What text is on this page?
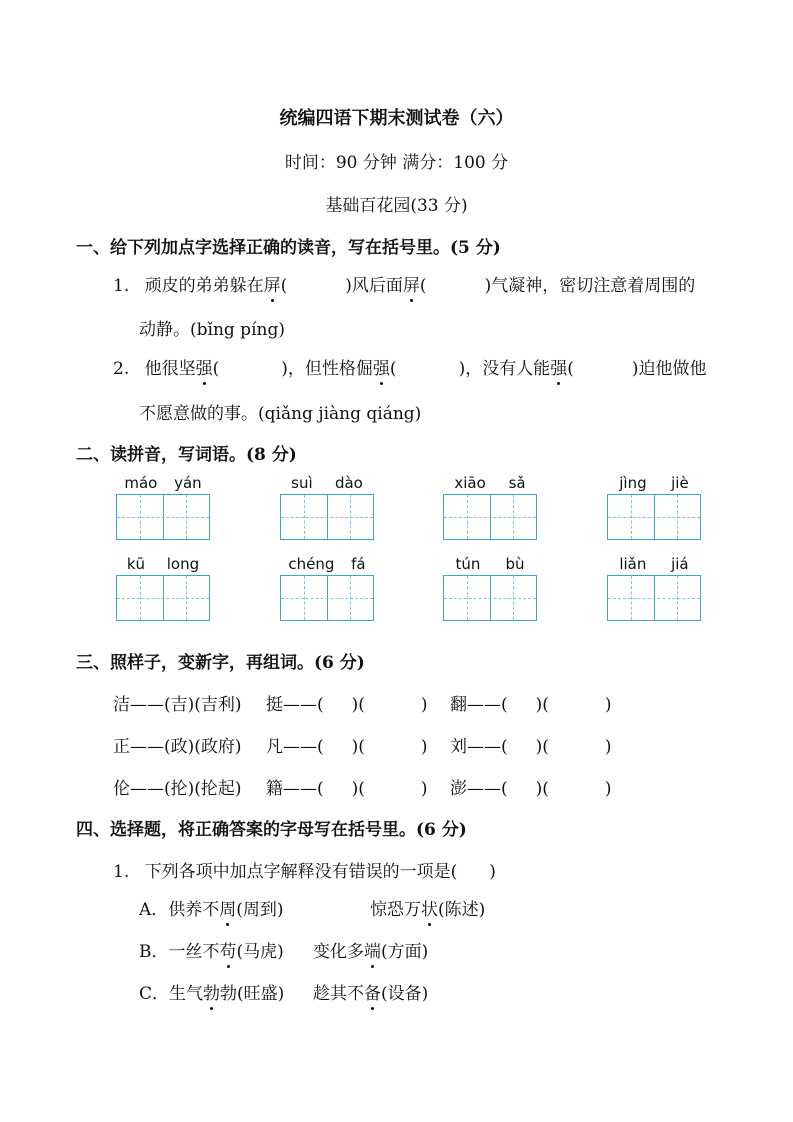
统编四语下期末测试卷（六）
时间：90 分钟 满分：100 分
基础百花园(33 分)
一、给下列加点字选择正确的读音，写在括号里。(5 分)
1. 顽皮的弟弟躲在屏(	)风后面屏(	)气凝神，密切注意着周围的
动静。(bǐng píng)
2. 他很坚强(	)，但性格倔强(	)，没有人能强(	)迫他做他
不愿意做的事。(qiǎng jiàng qiáng)
二、读拼音，写词语。(8 分)
máo yán	suì dào	xiāo sǎ	jìng jiè
kū long	chéng fá	tún bù	liǎn jiá
三、照样子，变新字，再组词。(6 分)
洁——(吉)(吉利) 挺——( )(	) 翻——( )(	)
正——(政)(政府) 凡——( )(	) 刘——( )(	)
伦——(抡)(抡起) 籍——( )(	) 澎——( )(	)
四、选择题，将正确答案的字母写在括号里。(6 分)
1. 下列各项中加点字解释没有错误的一项是( )
A．供养不周(周到)	惊恐万状(陈述)
B．一丝不苟(马虎) 变化多端(方面)
C．生气勃勃(旺盛) 趁其不备(设备)
